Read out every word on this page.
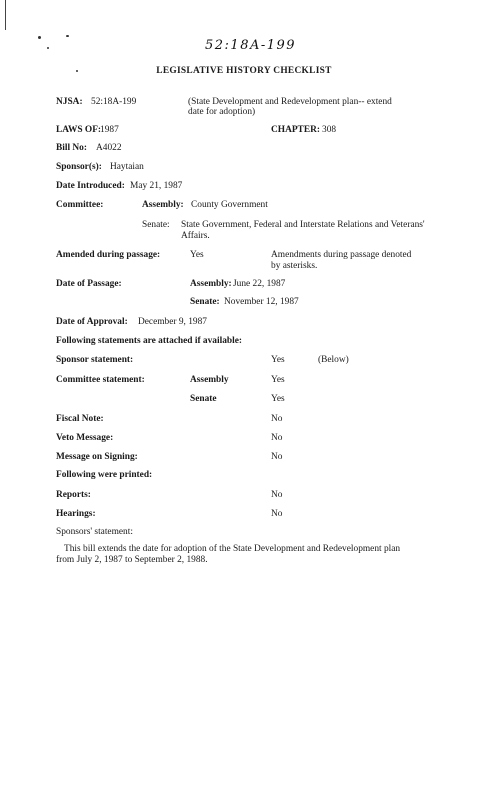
52:18A-199
LEGISLATIVE HISTORY CHECKLIST
NJSA: 52:18A-199	(State Development and Redevelopment plan-- extend
date for adoption)
LAWS OF:
1987	CHAPTER: 308
Bill No: A4022
Sponsor(s): Haytaian
Date Introduced: May 21, 1987
Committee:	Assembly: County Government
Senate: State Government, Federal and Interstate Relations and Veterans' Affairs.
Amended during passage:	Yes	Amendments during passage denoted by asterisks.
Date of Passage:	Assembly: June 22, 1987
Senate: November 12, 1987
Date of Approval: December 9, 1987
Following statements are attached if available:
Sponsor statement:	Yes	(Below)
Committee statement:	Assembly	Yes
Senate	Yes
Fiscal Note:	No
Veto Message:	No
Message on Signing:	No
Following were printed:
Reports:	No
Hearings:	No
Sponsors' statement:
This bill extends the date for adoption of the State Development and Redevelopment plan from July 2, 1987 to September 2, 1988.
